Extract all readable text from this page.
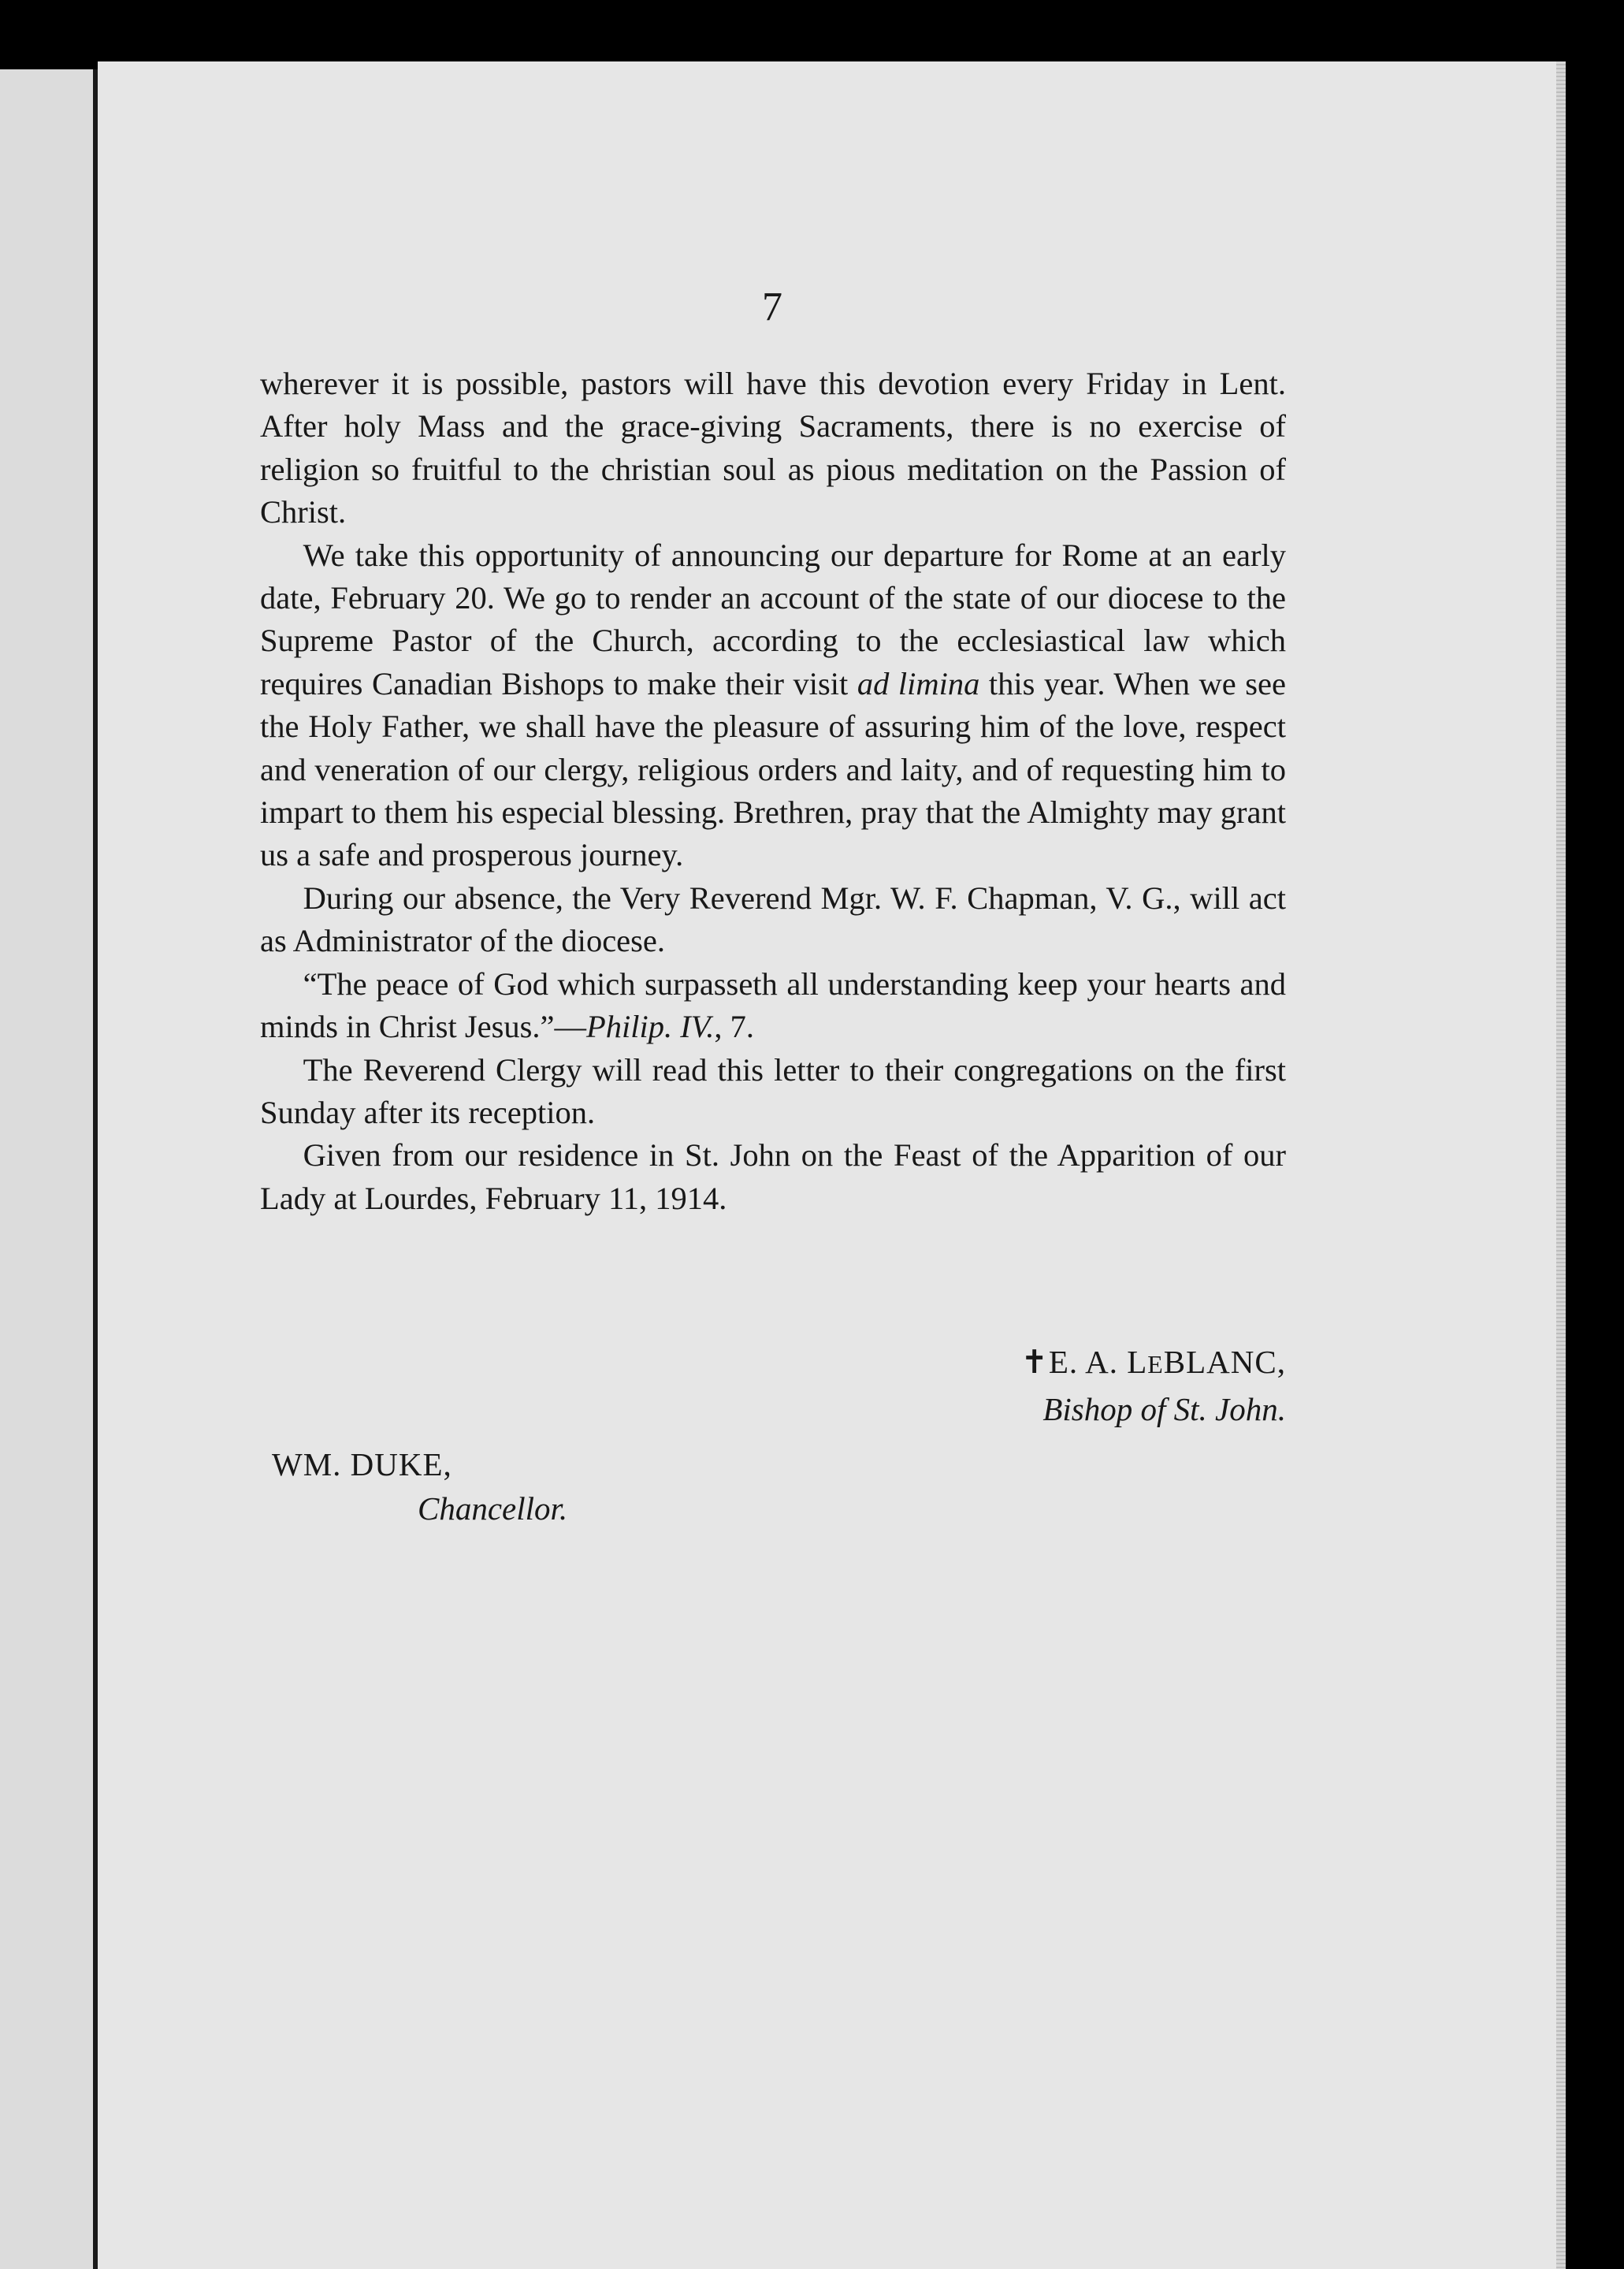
7

wherever it is possible, pastors will have this devotion every Friday in Lent. After holy Mass and the grace-giving Sacraments, there is no exercise of religion so fruitful to the christian soul as pious meditation on the Passion of Christ.

We take this opportunity of announcing our departure for Rome at an early date, February 20. We go to render an account of the state of our diocese to the Supreme Pastor of the Church, according to the ecclesiastical law which requires Canadian Bishops to make their visit ad limina this year. When we see the Holy Father, we shall have the pleasure of assuring him of the love, respect and veneration of our clergy, religious orders and laity, and of requesting him to impart to them his especial blessing. Brethren, pray that the Almighty may grant us a safe and prosperous journey.

During our absence, the Very Reverend Mgr. W. F. Chapman, V. G., will act as Administrator of the diocese.

“The peace of God which surpasseth all understanding keep your hearts and minds in Christ Jesus.”—Philip. IV., 7.

The Reverend Clergy will read this letter to their congregations on the first Sunday after its reception.

Given from our residence in St. John on the Feast of the Apparition of our Lady at Lourdes, February 11, 1914.

✝E. A. LEBLANC,
Bishop of St. John.
WM. DUKE,
Chancellor.
